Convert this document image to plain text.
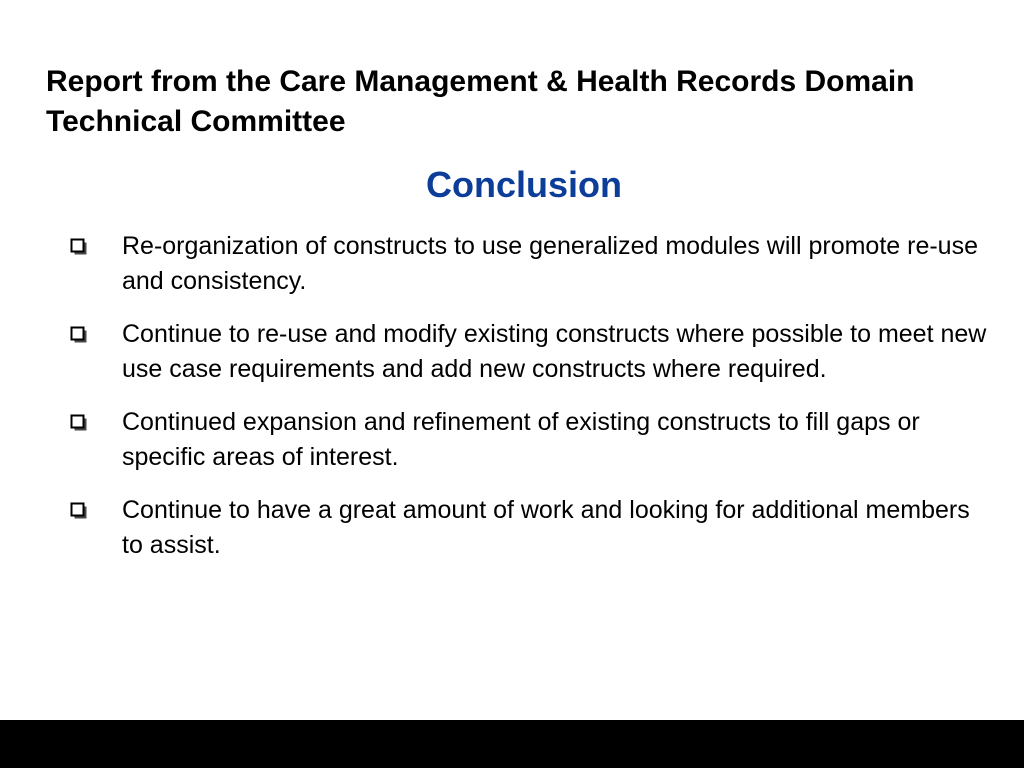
Report from the Care Management & Health Records Domain Technical Committee
Conclusion
Re-organization of constructs to use generalized modules will promote re-use and consistency.
Continue to re-use and modify existing constructs where possible to meet new use case requirements and add new constructs where required.
Continued expansion and refinement of existing constructs to fill gaps or specific areas of interest.
Continue to have a great amount of work and looking for additional members to assist.
